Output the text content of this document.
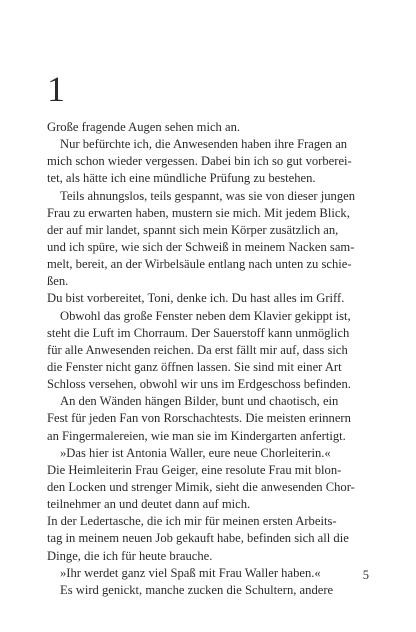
1
Große fragende Augen sehen mich an.
Nur befürchte ich, die Anwesenden haben ihre Fragen an
mich schon wieder vergessen. Dabei bin ich so gut vorberei-
tet, als hätte ich eine mündliche Prüfung zu bestehen.
Teils ahnungslos, teils gespannt, was sie von dieser jungen
Frau zu erwarten haben, mustern sie mich. Mit jedem Blick,
der auf mir landet, spannt sich mein Körper zusätzlich an,
und ich spüre, wie sich der Schweiß in meinem Nacken sam-
melt, bereit, an der Wirbelsäule entlang nach unten zu schie-
ßen.
Du bist vorbereitet, Toni, denke ich. Du hast alles im Griff.
Obwohl das große Fenster neben dem Klavier gekippt ist,
steht die Luft im Chorraum. Der Sauerstoff kann unmöglich
für alle Anwesenden reichen. Da erst fällt mir auf, dass sich
die Fenster nicht ganz öffnen lassen. Sie sind mit einer Art
Schloss versehen, obwohl wir uns im Erdgeschoss befinden.
An den Wänden hängen Bilder, bunt und chaotisch, ein
Fest für jeden Fan von Rorschachtests. Die meisten erinnern
an Fingermalereien, wie man sie im Kindergarten anfertigt.
»Das hier ist Antonia Waller, eure neue Chorleiterin.«
Die Heimleiterin Frau Geiger, eine resolute Frau mit blon-
den Locken und strenger Mimik, sieht die anwesenden Chor-
teilnehmer an und deutet dann auf mich.
In der Ledertasche, die ich mir für meinen ersten Arbeits-
tag in meinem neuen Job gekauft habe, befinden sich all die
Dinge, die ich für heute brauche.
»Ihr werdet ganz viel Spaß mit Frau Waller haben.«
Es wird genickt, manche zucken die Schultern, andere
5
